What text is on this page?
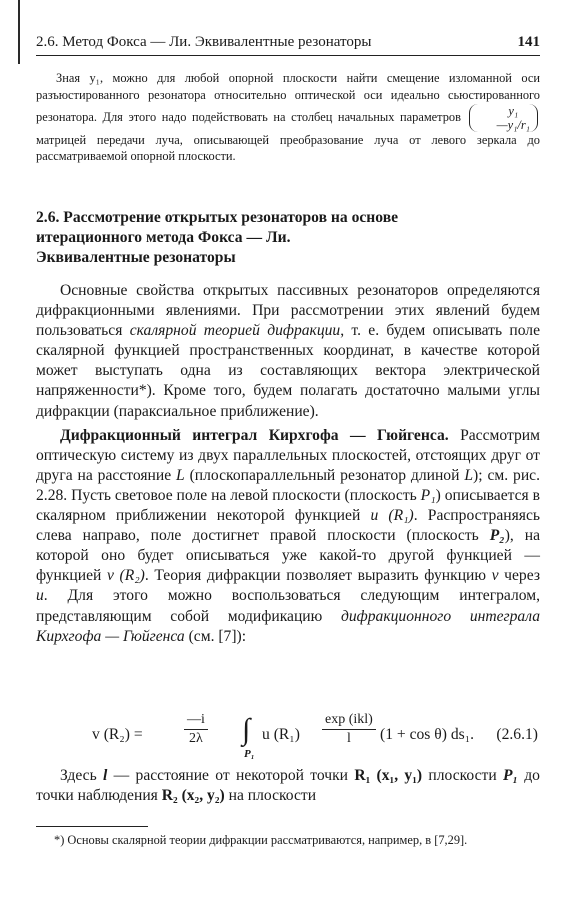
2.6. Метод Фокса — Ли. Эквивалентные резонаторы	141

Зная y₁, можно для любой опорной плоскости найти смещение изломанной оси разъюстированного резонатора относительно оптической оси идеально сьюстированного резонатора. Для этого надо подействовать на столбец начальных параметров	y₁
—y₁/r₁
матрицей передачи луча, описывающей преобразование луча от левого зеркала до рассматриваемой опорной плоскости.

2.6. Рассмотрение открытых резонаторов на основе
итерационного метода Фокса — Ли.
Эквивалентные резонаторы

Основные свойства открытых пассивных резонаторов определяются дифракционными явлениями. При рассмотрении этих явлений будем пользоваться скалярной теорией дифракции, т. е. будем описывать поле скалярной функцией пространственных координат, в качестве которой может выступать одна из составляющих вектора электрической напряженности*). Кроме того, будем полагать достаточно малыми углы дифракции (параксиальное приближение).

Дифракционный интеграл Кирхгофа — Гюйгенса. Рассмотрим оптическую систему из двух параллельных плоскостей, отстоящих друг от друга на расстояние L (плоскопараллельный резонатор длиной L); см. рис. 2.28. Пусть световое поле на левой плоскости (плоскость P₁) описывается в скалярном приближении некоторой функцией u (R₁). Распространяясь слева направо, поле достигнет правой плоскости (плоскость P₂), на которой оно будет описываться уже какой-то другой функцией — функцией v (R₂). Теория дифракции позволяет выразить функцию v через u. Для этого можно воспользоваться следующим интегралом, представляющим собой модификацию дифракционного интеграла Кирхгофа — Гюйгенса (см. [7]):

v (R₂) =	$\frac{—i}{2\lambda}$ ∫
P₁
u (R₁)
exp (ikl)
l (1 + cos θ) ds₁. (2.6.1)

Здесь l — расстояние от некоторой точки R₁ (x₁, y₁) плоскости P₁ до точки наблюдения R₂ (x₂, y₂) на плоскости

*) Основы скалярной теории дифракции рассматриваются, например, в [7,29].
